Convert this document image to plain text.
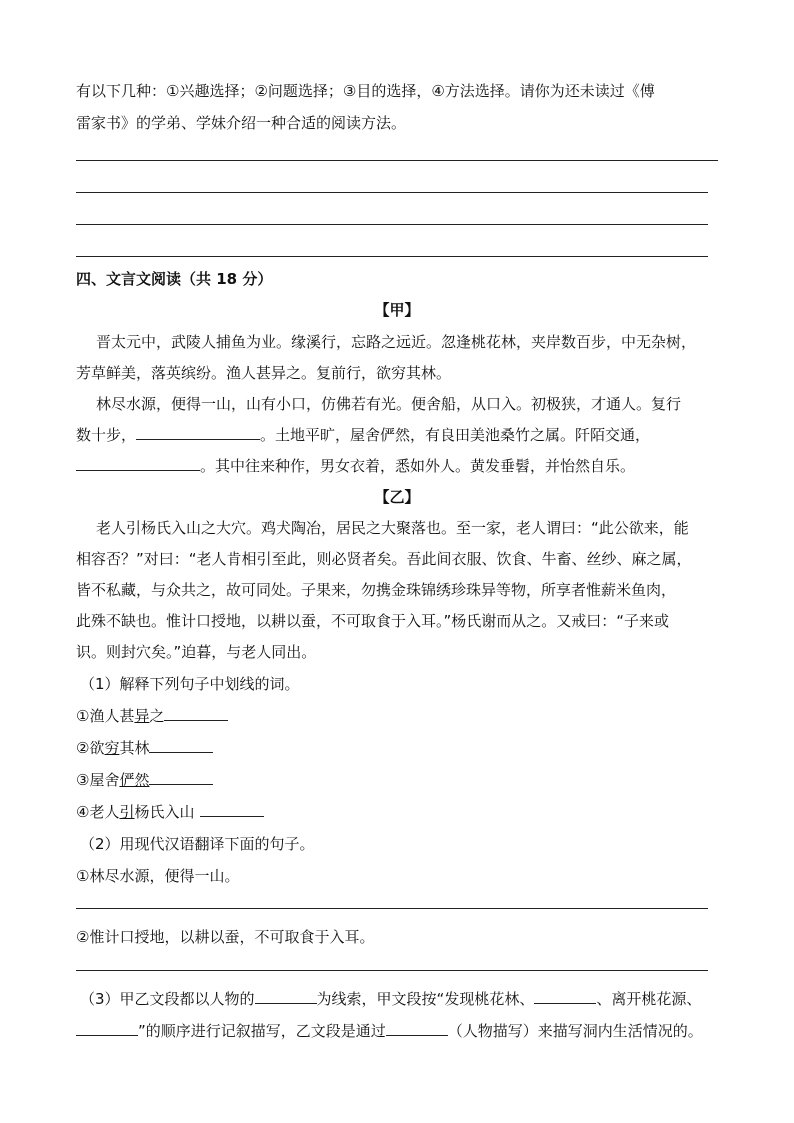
有以下几种：①兴趣选择；②问题选择；③目的选择，④方法选择。请你为还未读过《傅
雷家书》的学弟、学妹介绍一种合适的阅读方法。
四、文言文阅读（共 18 分）
【甲】
晋太元中，武陵人捕鱼为业。缘溪行，忘路之远近。忽逢桃花林，夹岸数百步，中无杂树，
芳草鲜美，落英缤纷。渔人甚异之。复前行，欲穷其林。
林尽水源，便得一山，山有小口，仿佛若有光。便舍船，从口入。初极狭，才通人。复行
数十步，	。土地平旷，屋舍俨然，有良田美池桑竹之属。阡陌交通，
。其中往来种作，男女衣着，悉如外人。黄发垂髫，并怡然自乐。
【乙】
老人引杨氏入山之大穴。鸡犬陶冶，居民之大聚落也。至一家，老人谓曰：“此公欲来，能
相容否？”对曰：“老人肯相引至此，则必贤者矣。吾此间衣服、饮食、牛畜、丝纱、麻之属，
皆不私藏，与众共之，故可同处。子果来，勿携金珠锦绣珍珠异等物，所享者惟薪米鱼肉，
此殊不缺也。惟计口授地，以耕以蚕，不可取食于入耳。”杨氏谢而从之。又戒曰：“子来或
识。则封穴矣。”迫暮，与老人同出。
（1）解释下列句子中划线的词。
①渔人甚异之
②欲穷其林
③屋舍俨然
④老人引杨氏入山
（2）用现代汉语翻译下面的句子。
①林尽水源，便得一山。
②惟计口授地，以耕以蚕，不可取食于入耳。
（3）甲乙文段都以人物的	为线索，甲文段按“发现桃花林、	、离开桃花源、
”的顺序进行记叙描写，乙文段是通过	（人物描写）来描写洞内生活情况的。
